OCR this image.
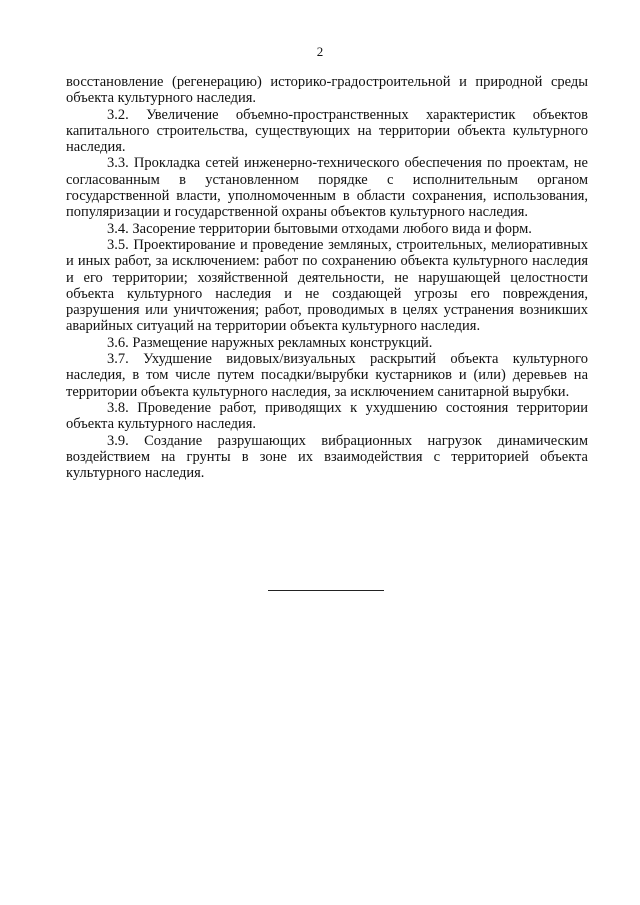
2

восстановление (регенерацию) историко-градостроительной и природной среды объекта культурного наследия.

3.2. Увеличение объемно-пространственных характеристик объектов капитального строительства, существующих на территории объекта культурного наследия.

3.3. Прокладка сетей инженерно-технического обеспечения по проектам, не согласованным в установленном порядке с исполнительным органом государственной власти, уполномоченным в области сохранения, использования, популяризации и государственной охраны объектов культурного наследия.

3.4. Засорение территории бытовыми отходами любого вида и форм.

3.5. Проектирование и проведение земляных, строительных, мелиоративных и иных работ, за исключением: работ по сохранению объекта культурного наследия и его территории; хозяйственной деятельности, не нарушающей целостности объекта культурного наследия и не создающей угрозы его повреждения, разрушения или уничтожения; работ, проводимых в целях устранения возникших аварийных ситуаций на территории объекта культурного наследия.

3.6. Размещение наружных рекламных конструкций.

3.7. Ухудшение видовых/визуальных раскрытий объекта культурного наследия, в том числе путем посадки/вырубки кустарников и (или) деревьев на территории объекта культурного наследия, за исключением санитарной вырубки.

3.8. Проведение работ, приводящих к ухудшению состояния территории объекта культурного наследия.

3.9. Создание разрушающих вибрационных нагрузок динамическим воздействием на грунты в зоне их взаимодействия с территорией объекта культурного наследия.
